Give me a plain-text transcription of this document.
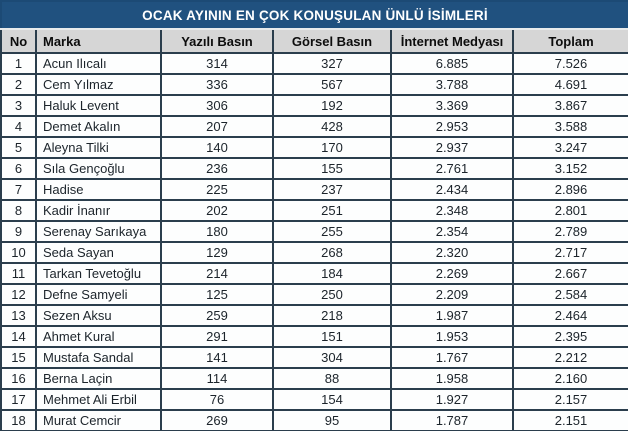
OCAK AYININ EN ÇOK KONUŞULAN ÜNLÜ İSİMLERİ					
No	Marka	Yazılı Basın	Görsel Basın	İnternet Medyası	Toplam
1	Acun Ilıcalı	314	327	6.885	7.526
2	Cem Yılmaz	336	567	3.788	4.691
3	Haluk Levent	306	192	3.369	3.867
4	Demet Akalın	207	428	2.953	3.588
5	Aleyna Tilki	140	170	2.937	3.247
6	Sıla Gençoğlu	236	155	2.761	3.152
7	Hadise	225	237	2.434	2.896
8	Kadir İnanır	202	251	2.348	2.801
9	Serenay Sarıkaya	180	255	2.354	2.789
10	Seda Sayan	129	268	2.320	2.717
11	Tarkan Tevetoğlu	214	184	2.269	2.667
12	Defne Samyeli	125	250	2.209	2.584
13	Sezen Aksu	259	218	1.987	2.464
14	Ahmet Kural	291	151	1.953	2.395
15	Mustafa Sandal	141	304	1.767	2.212
16	Berna Laçin	114	88	1.958	2.160
17	Mehmet Ali Erbil	76	154	1.927	2.157
18	Murat Cemcir	269	95	1.787	2.151
